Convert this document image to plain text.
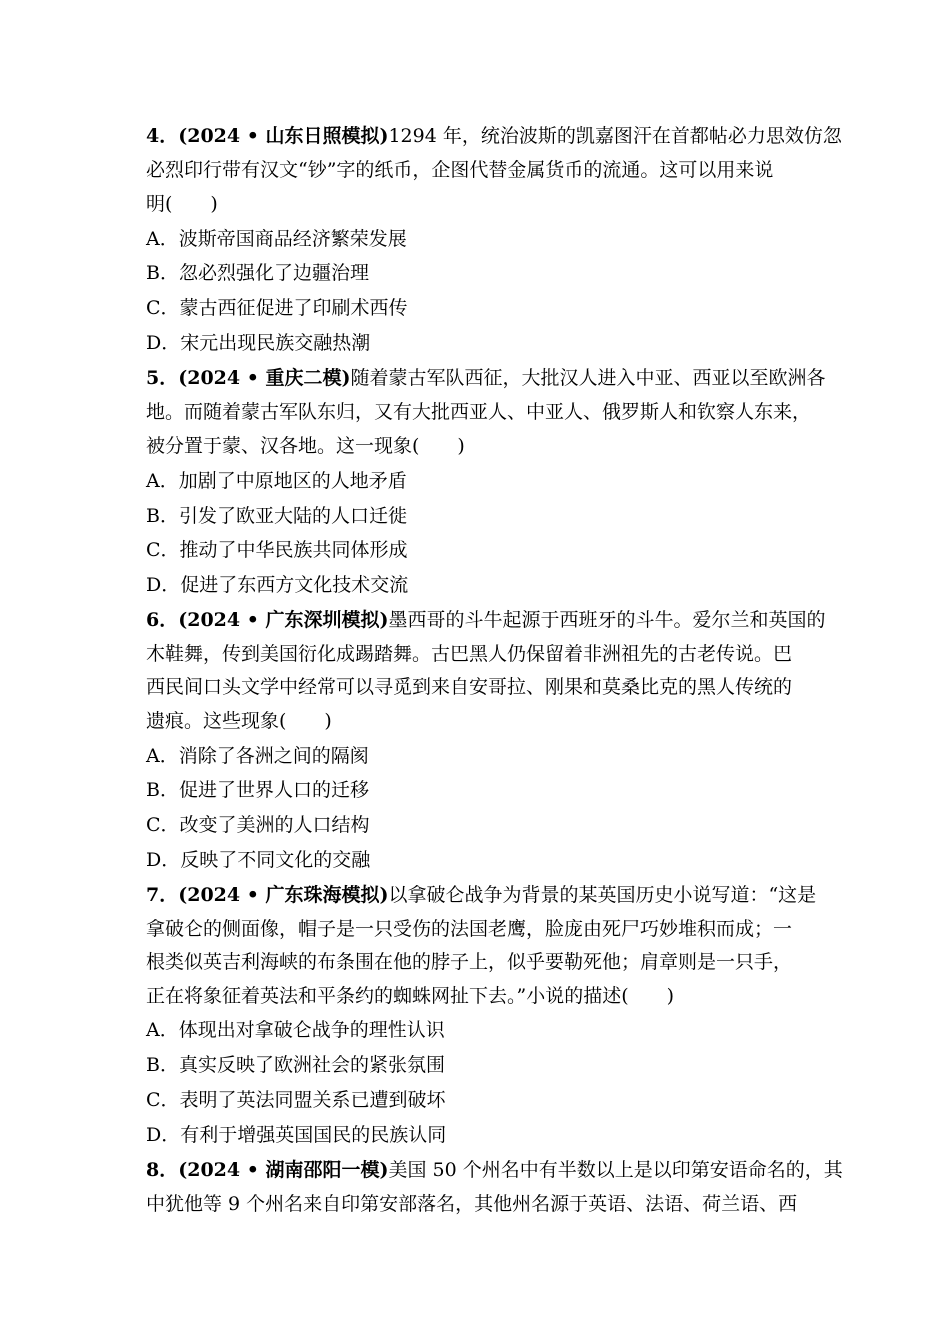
4．(2024 • 山东日照模拟)1294 年，统治波斯的凯嘉图汗在首都帖必力思效仿忽
必烈印行带有汉文“钞”字的纸币，企图代替金属货币的流通。这可以用来说
明(　　)
A．波斯帝国商品经济繁荣发展
B．忽必烈强化了边疆治理
C．蒙古西征促进了印刷术西传
D．宋元出现民族交融热潮
5．(2024 • 重庆二模)随着蒙古军队西征，大批汉人进入中亚、西亚以至欧洲各
地。而随着蒙古军队东归，又有大批西亚人、中亚人、俄罗斯人和钦察人东来，
被分置于蒙、汉各地。这一现象(　　)
A．加剧了中原地区的人地矛盾
B．引发了欧亚大陆的人口迁徙
C．推动了中华民族共同体形成
D．促进了东西方文化技术交流
6．(2024 • 广东深圳模拟)墨西哥的斗牛起源于西班牙的斗牛。爱尔兰和英国的
木鞋舞，传到美国衍化成踢踏舞。古巴黑人仍保留着非洲祖先的古老传说。巴
西民间口头文学中经常可以寻觅到来自安哥拉、刚果和莫桑比克的黑人传统的
遗痕。这些现象(　　)
A．消除了各洲之间的隔阂
B．促进了世界人口的迁移
C．改变了美洲的人口结构
D．反映了不同文化的交融
7．(2024 • 广东珠海模拟)以拿破仑战争为背景的某英国历史小说写道：“这是
拿破仑的侧面像，帽子是一只受伤的法国老鹰，脸庞由死尸巧妙堆积而成；一
根类似英吉利海峡的布条围在他的脖子上，似乎要勒死他；肩章则是一只手，
正在将象征着英法和平条约的蜘蛛网扯下去。”小说的描述(　　)
A．体现出对拿破仑战争的理性认识
B．真实反映了欧洲社会的紧张氛围
C．表明了英法同盟关系已遭到破坏
D．有利于增强英国国民的民族认同
8．(2024 • 湖南邵阳一模)美国 50 个州名中有半数以上是以印第安语命名的，其
中犹他等 9 个州名来自印第安部落名，其他州名源于英语、法语、荷兰语、西
